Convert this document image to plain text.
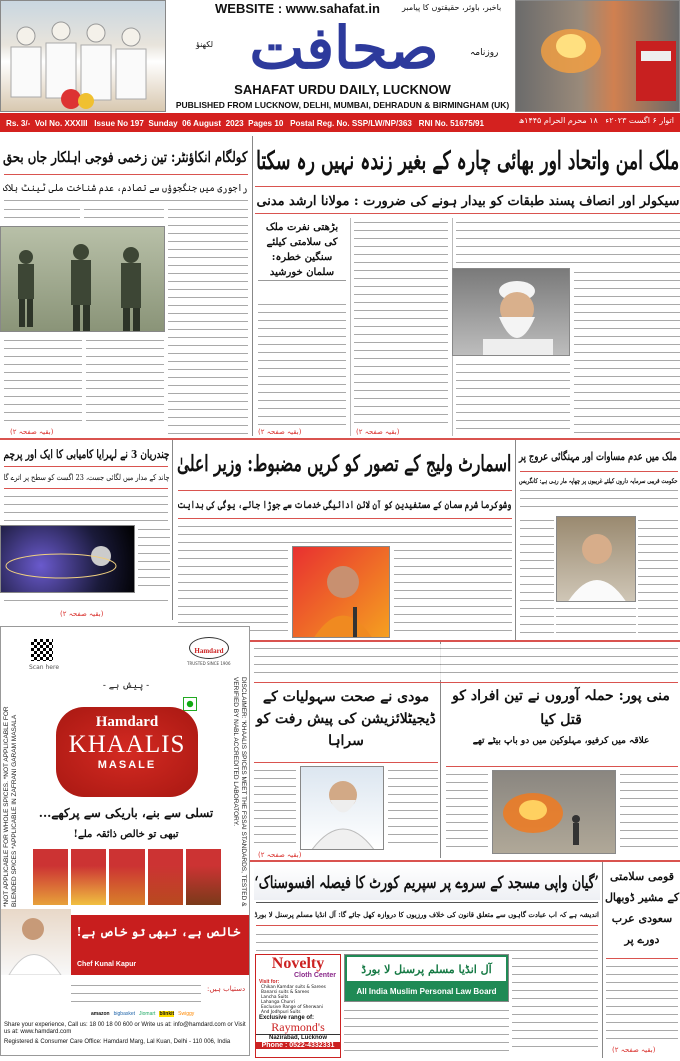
WEBSITE : www.sahafat.in	باخبر، باوثر، حقیقتوں کا پیامبر
روزنامہ
لکھنؤ صحافت
SAHAFAT URDU DAILY, LUCKNOW
PUBLISHED FROM LUCKNOW, DELHI, MUMBAI, DEHRADUN & BIRMINGHAM (UK)
Rs. 3/-  Vol No. XXXIII   Issue No 197  Sunday  06 August  2023  Pages 10   Postal Reg. No. SSP/LW/NP/363   RNI No. 51675/91	اتوار ۶ اگست ۲۰۲۳ء   ۱۸ محرم الحرام ۱۴۴۵ھ
ملک امن واتحاد اور بھائی چارہ کے بغیر زندہ نہیں رہ سکتا
سیکولر اور انصاف پسند طبقات کو بیدار ہونے کی ضرورت : مولانا ارشد مدنی
بڑھتی نفرت ملک کی سلامتی کیلئے سنگین خطرہ: سلمان خورشید
(بقیہ صفحہ ۲)	(بقیہ صفحہ ۲)
کولگام انکاؤنٹر: تین زخمی فوجی اہلکار جاں بحق
راجوری میں جنگجوؤں سے تصادم، عدم شناخت ملی ٹینٹ ہلاک
(بقیہ صفحہ ۲)
چندریان 3 نے لہرایا کامیابی کا ایک اور پرچم
چاند کے مدار میں لگائی جست، 23 اگست کو سطح پر اترے گا
(بقیہ صفحہ ۲)
اسمارٹ ولیج کے تصور کو کریں مضبوط: وزیر اعلیٰ
وشوکرما شرم سمان کے مستفیدین کو آن لائن ادائیگی خدمات سے جوڑا جائے، یوگی کی ہدایت
ملک میں عدم مساوات اور مہنگائی عروج پر
حکومت قریبی سرمایہ داروں کیلئے غریبوں پر چھاپہ مار رہی ہے: کانگریس
*NOT APPLICABLE FOR WHOLE SPICES. *NOT APPLICABLE FOR BLENDED SPICES *APPLICABLE IN ZAFRANI GARAM MASALA	DISCLAIMER: 'KHAALIS SPICES MEET THE FSSAI STANDARDS, TESTED & VERIFIED BY NABL ACCREDITED LABORATORY.
Scan here
Hamdard
TRUSTED SINCE 1906
- پیش ہے -
Hamdard
KHAALIS
MASALE
تسلی سے بنے، باریکی سے پرکھے...
تبھی تو خالص ذائقہ ملے!
خالص ہے، تبھی تو خاص ہے!
Chef Kunal Kapur
دستیاب ہیں:
amazon bigbasket Jiomart blinkit Swiggy
Share your experience, Call us: 18 00 18 00 600 or Write us at: info@hamdard.com or Visit us at: www.hamdard.com
Registered & Consumer Care Office: Hamdard Marg, Lal Kuan, Delhi - 110 006, India
مودی نے صحت سہولیات کے ڈیجیٹلائزیشن کی پیش رفت کو سراہا
منی پور: حملہ آوروں نے تین افراد کو قتل کیا
علاقہ میں کرفیو، مہلوکین میں دو باپ بیٹے تھے
(بقیہ صفحہ ۲)
’گیان واپی مسجد کے سروے پر سپریم کورٹ کا فیصلہ افسوسناک‘
اندیشہ ہے کہ اب عبادت گاہوں سے متعلق قانون کی خلاف ورزیوں کا دروازہ کھل جائے گا: آل انڈیا مسلم پرسنل لا بورڈ
قومی سلامتی کے مشیر ڈوبھال سعودی عرب دورے پر
(بقیہ صفحہ ۲)
Novelty
Cloth Center
Visit for:
Chikan Kamdar suits & Sarees
Banarsi suits & Sarees
Lancha Suits
Lahanga Chunri
Exclusive Range of Sherwani
And Jodhpuri Suits
Exclusive range of:
Raymond's
Nazirabad, Lucknow
Phone : 0522-4332331
آل انڈیا مسلم پرسنل لا بورڈ
All India Muslim Personal Law Board
